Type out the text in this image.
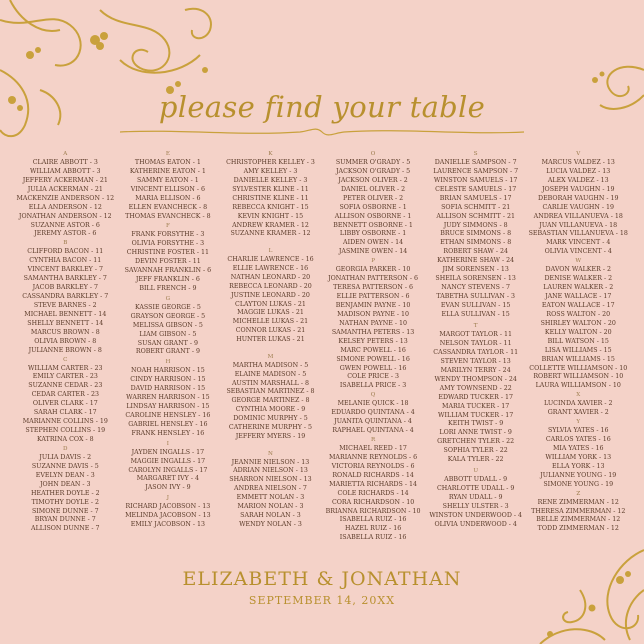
please find your table
A
CLAIRE ABBOTT - 3
WILLIAM ABBOTT - 3
JEFFERY ACKERMAN - 21
JULIA ACKERMAN - 21
MACKENZIE ANDERSON - 12
ELLA ANDERSON - 12
JONATHAN ANDERSON - 12
SUZANNE ASTOR - 6
JEREMY ASTOR - 6
B
CLIFFORD BACON - 11
CYNTHIA BACON - 11
VINCENT BARKLEY - 7
SAMANTHA BARKLEY - 7
JACOB BARKLEY - 7
CASSANDRA BARKLEY - 7
STEVE BARNES - 2
MICHAEL BENNETT - 14
SHELLY BENNETT - 14
MARCUS BROWN - 8
OLIVIA BROWN - 8
JULIANNE BROWN - 8
C
WILLIAM CARTER - 23
EMILY CARTER - 23
SUZANNE CEDAR - 23
CEDAR CARTER - 23
OLIVER CLARK - 17
SARAH CLARK - 17
MARIANNE COLLINS - 19
STEPHEN COLLINS - 19
KATRINA COX - 8
D
JULIA DAVIS - 2
SUZANNE DAVIS - 5
EVELYN DEAN - 3
JOHN DEAN - 3
HEATHER DOYLE - 2
TIMOTHY DOYLE - 2
SIMONE DUNNE - 7
BRYAN DUNNE - 7
ALLISON DUNNE - 7
E
THOMAS EATON - 1
KATHERINE EATON - 1
SAMMY EATON - 1
VINCENT ELLISON - 6
MARIA ELLISON - 6
ELLEN EVANCHECK - 8
THOMAS EVANCHECK - 8
F
FRANK FORSYTHE - 3
OLIVIA FORSYTHE - 3
CHRISTINE FOSTER - 11
DEVIN FOSTER - 11
SAVANNAH FRANKLIN - 6
JEFF FRANKLIN - 6
BILL FRENCH - 9
G
KASSIE GEORGE - 5
GRAYSON GEORGE - 5
MELISSA GIBSON - 5
LIAM GIBSON - 5
SUSAN GRANT - 9
ROBERT GRANT - 9
H
NOAH HARRISON - 15
CINDY HARRISON - 15
DAVID HARRISON - 15
WARREN HARRISON - 15
LINDSAY HARRISON - 15
CAROLINE HENSLEY - 16
GABRIEL HENSLEY - 16
FRANK HENSLEY - 16
I
JAYDEN INGALLS - 17
MAGGIE INGALLS - 17
CAROLYN INGALLS - 17
MARGARET IVY - 4
JASON IVY - 9
J
RICHARD JACOBSON - 13
MELINDA JACOBSON - 13
EMILY JACOBSON - 13
K
CHRISTOPHER KELLEY - 3
AMY KELLEY - 3
DANIELLE KELLEY - 3
SYLVESTER KLINE - 11
CHRISTINE KLINE - 11
REBECCA KNIGHT - 15
KEVIN KNIGHT - 15
ANDREW KRAMER - 12
SUZANNE KRAMER - 12
L
CHARLIE LAWRENCE - 16
ELLIE LAWRENCE - 16
NATHAN LEONARD - 20
REBECCA LEONARD - 20
JUSTINE LEONARD - 20
CLAYTON LUKAS - 21
MAGGIE LUKAS - 21
MICHELLE LUKAS - 21
CONNOR LUKAS - 21
HUNTER LUKAS - 21
M
MARTHA MADISON - 5
ELAINE MADISON - 5
AUSTIN MARSHALL - 8
SEBASTIAN MARTINEZ - 8
GEORGE MARTINEZ - 8
CYNTHIA MOORE - 9
DOMINIC MURPHY - 5
CATHERINE MURPHY - 5
JEFFERY MYERS - 19
N
JEANNIE NIELSON - 13
ADRIAN NIELSON - 13
SHARRON NIELSON - 13
ANDREA NIELSON - 7
EMMETT NOLAN - 3
MARION NOLAN - 3
SARAH NOLAN - 3
WENDY NOLAN - 3
O
SUMMER O'GRADY - 5
JACKSON O'GRADY - 5
JACKSON OLIVER - 2
DANIEL OLIVER - 2
PETER OLIVER - 2
SOFIA OSBORNE - 1
ALLISON OSBORNE - 1
BENNETT OSBORNE - 1
LIBBY OSBORNE - 1
AIDEN OWEN - 14
JASMINE OWEN - 14
P
GEORGIA PARKER - 10
JONATHAN PATTERSON - 6
TERESA PATTERSON - 6
ELLIE PATTERSON - 6
BENJAMIN PAYNE - 10
MADISON PAYNE - 10
NATHAN PAYNE - 10
SAMANTHA PETERS - 13
KELSEY PETERS - 13
MARC POWELL - 16
SIMONE POWELL - 16
GWEN POWELL - 16
COLE PRICE - 3
ISABELLA PRICE - 3
Q
MELANIE QUICK - 18
EDUARDO QUINTANA - 4
JUANITA QUINTANA - 4
RAPHAEL QUINTANA - 4
R
MICHAEL REED - 17
MARIANNE REYNOLDS - 6
VICTORIA REYNOLDS - 6
RONALD RICHARDS - 14
MARIETTA RICHARDS - 14
COLE RICHARDS - 14
CORA RICHARDSON - 10
BRIANNA RICHARDSON - 10
ISABELLA RUIZ - 16
HAZEL RUIZ - 16
ISABELLA RUIZ - 16
S
DANIELLE SAMPSON - 7
LAURENCE SAMPSON - 7
WINSTON SAMUELS - 17
CELESTE SAMUELS - 17
BRIAN SAMUELS - 17
SOFIA SCHMITT - 21
ALLISON SCHMITT - 21
JUDY SIMMONS - 8
BRUCE SIMMONS - 8
ETHAN SIMMONS - 8
ROBERT SHAW - 24
KATHERINE SHAW - 24
JIM SORENSEN - 13
SHEILA SORENSEN - 13
NANCY STEVENS - 7
TABETHA SULLIVAN - 3
EVAN SULLIVAN - 15
ELLA SULLIVAN - 15
T
MARGOT TAYLOR - 11
NELSON TAYLOR - 11
CASSANDRA TAYLOR - 11
STEVEN TAYLOR - 13
MARILYN TERRY - 24
WENDY THOMPSON - 24
AMY TOWNSEND - 22
EDWARD TUCKER - 17
MARIA TUCKER - 17
WILLIAM TUCKER - 17
KEITH TWIST - 9
LORI ANNE TWIST - 9
GRETCHEN TYLER - 22
SOPHIA TYLER - 22
KALA TYLER - 22
U
ABBOTT UDALL - 9
CHARLOTTE UDALL - 9
RYAN UDALL - 9
SHELLY ULSTER - 3
WINSTON UNDERWOOD - 4
OLIVIA UNDERWOOD - 4
V
MARCUS VALDEZ - 13
LUCIA VALDEZ - 13
ALEX VALDEZ - 13
JOSEPH VAUGHN - 19
DEBORAH VAUGHN - 19
CARLIE VAUGHN - 19
ANDREA VILLANUEVA - 18
JUAN VILLANUEVA - 18
SEBASTIAN VILLANUEVA - 18
MARK VINCENT - 4
OLIVIA VINCENT - 4
W
DAVON WALKER - 2
DENISE WALKER - 2
LAUREN WALKER - 2
JANE WALLACE - 17
EATON WALLACE - 17
ROSS WALTON - 20
SHIRLEY WALTON - 20
KELLY WALTON - 20
BILL WATSON - 15
LISA WILLIAMS - 15
BRIAN WILLIAMS - 15
COLLETTE WILLIAMSON - 10
ROBERT WILLIAMSON - 10
LAURA WILLIAMSON - 10
X
LUCINDA XAVIER - 2
GRANT XAVIER - 2
Y
SYLVIA YATES - 16
CARLOS YATES - 16
MIA YATES - 16
WILLIAM YORK - 13
ELLA YORK - 13
JULIANNE YOUNG - 19
SIMONE YOUNG - 19
Z
RENE ZIMMERMAN - 12
THERESA ZIMMERMAN - 12
BELLE ZIMMERMAN - 12
TODD ZIMMERMAN - 12
ELIZABETH & JONATHAN
SEPTEMBER 14, 20XX
